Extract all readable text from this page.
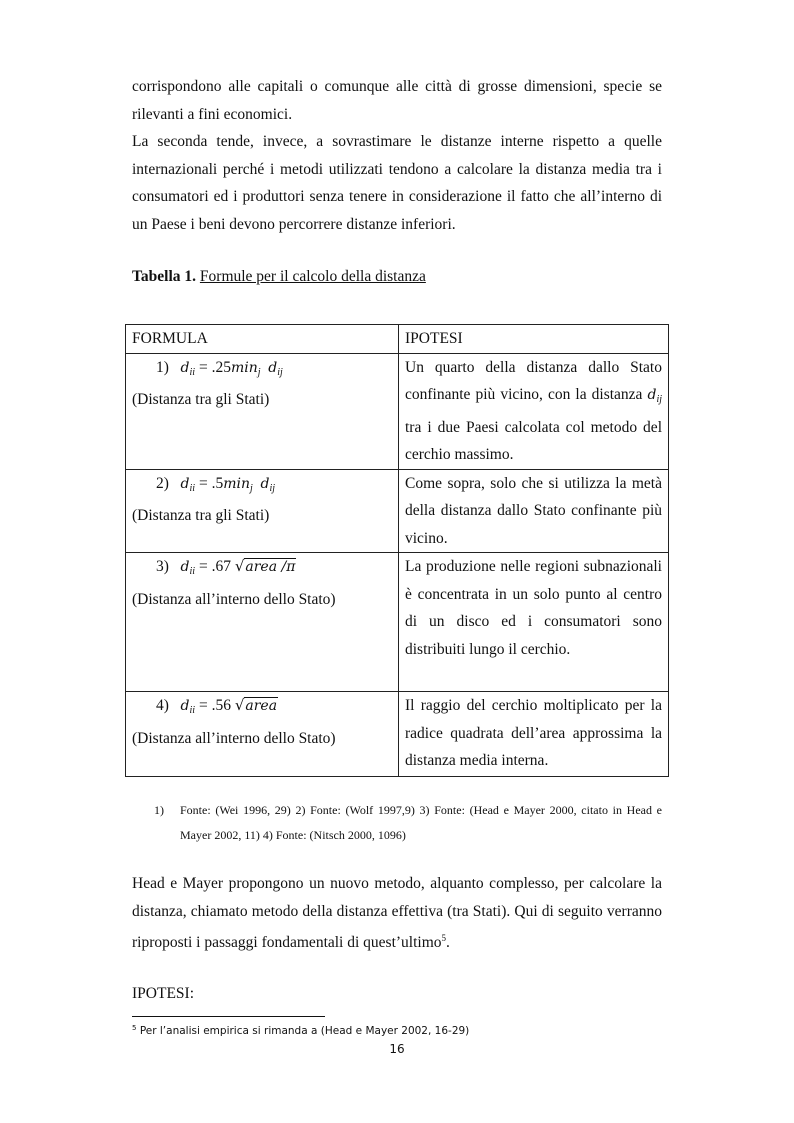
corrispondono alle capitali o comunque alle città di grosse dimensioni, specie se rilevanti a fini economici.

La seconda tende, invece, a sovrastimare le distanze interne rispetto a quelle internazionali perché i metodi utilizzati tendono a calcolare la distanza media tra i consumatori ed i produttori senza tenere in considerazione il fatto che all’interno di un Paese i beni devono percorrere distanze inferiori.

Tabella 1. Formule per il calcolo della distanza

FORMULA	IPOTESI

1) $d_{ii} = .25\min_j$ $d_{ij}$
(Distanza tra gli Stati)	Un quarto della distanza dallo Stato confinante più vicino, con la distanza $d_{ij}$ tra i due Paesi calcolata col metodo del cerchio massimo.

2) $d_{ii} = .5\min_j$ $d_{ij}$
(Distanza tra gli Stati)	Come sopra, solo che si utilizza la metà della distanza dallo Stato confinante più vicino.

3) $d_{ii} = .67$ √area /π
(Distanza all’interno dello Stato)	La produzione nelle regioni subnazionali è concentrata in un solo punto al centro di un disco ed i consumatori sono distribuiti lungo il cerchio.

4) $d_{ii} = .56$ √area
(Distanza all’interno dello Stato)	Il raggio del cerchio moltiplicato per la radice quadrata dell’area approssima la distanza media interna.
1)	Fonte: (Wei 1996, 29) 2) Fonte: (Wolf 1997,9) 3) Fonte: (Head e Mayer 2000, citato in Head e Mayer 2002, 11) 4) Fonte: (Nitsch 2000, 1096)

Head e Mayer propongono un nuovo metodo, alquanto complesso, per calcolare la distanza, chiamato metodo della distanza effettiva (tra Stati). Qui di seguito verranno riproposti i passaggi fondamentali di quest’ultimo$^5$.

IPOTESI:

$^5$ Per l’analisi empirica si rimanda a (Head e Mayer 2002, 16-29)
16
